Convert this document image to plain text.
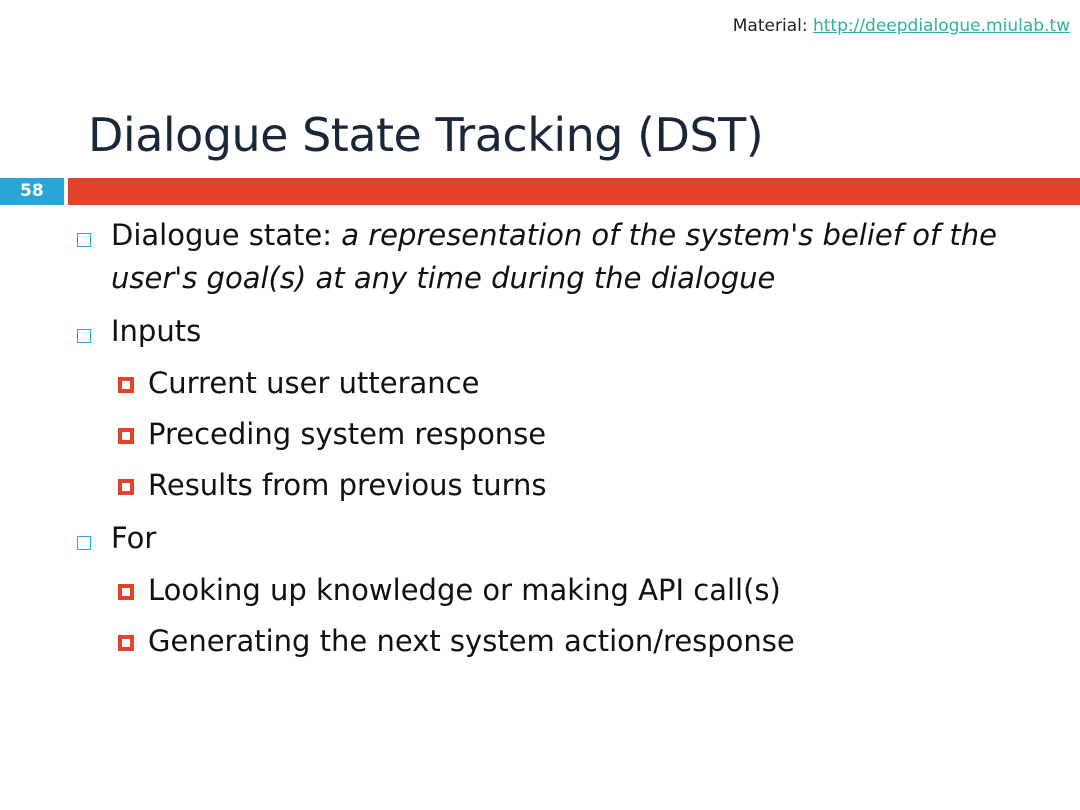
Material: http://deepdialogue.miulab.tw
Dialogue State Tracking (DST)
58
Dialogue state: a representation of the system's belief of the
user's goal(s) at any time during the dialogue
Inputs
Current user utterance
Preceding system response
Results from previous turns
For
Looking up knowledge or making API call(s)
Generating the next system action/response
